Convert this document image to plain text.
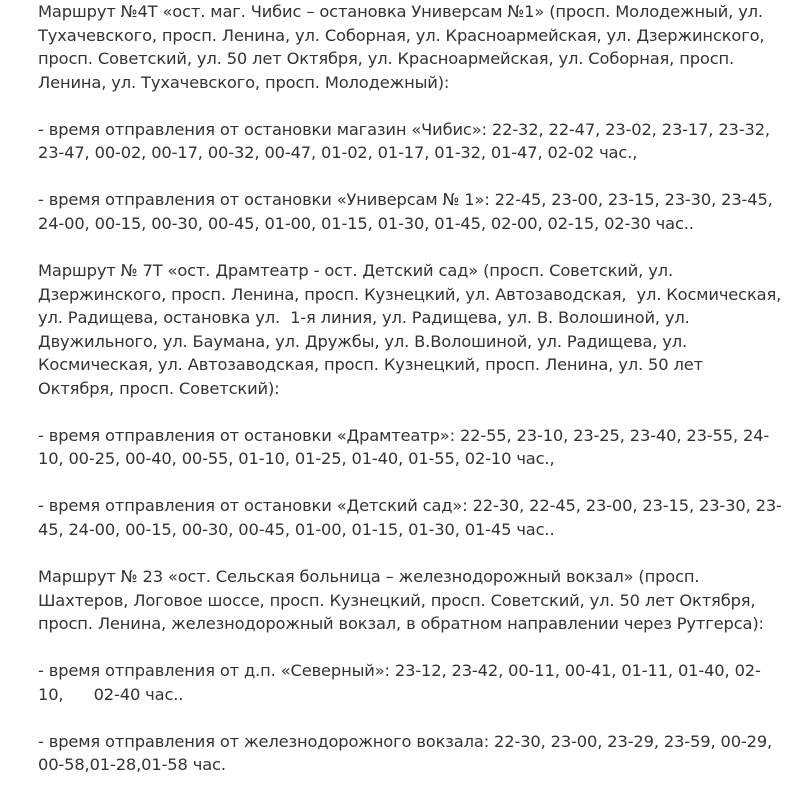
Маршрут №4Т «ост. маг. Чибис – остановка Универсам №1» (просп. Молодежный, ул. Тухачевского, просп. Ленина, ул. Соборная, ул. Красноармейская, ул. Дзержинского, просп. Советский, ул. 50 лет Октября, ул. Красноармейская, ул. Соборная, просп. Ленина, ул. Тухачевского, просп. Молодежный):

- время отправления от остановки магазин «Чибис»: 22-32, 22-47, 23-02, 23-17, 23-32, 23-47, 00-02, 00-17, 00-32, 00-47, 01-02, 01-17, 01-32, 01-47, 02-02 час.,

- время отправления от остановки «Универсам № 1»: 22-45, 23-00, 23-15, 23-30, 23-45,   24-00, 00-15, 00-30, 00-45, 01-00, 01-15, 01-30, 01-45, 02-00, 02-15, 02-30 час..

Маршрут № 7Т «ост. Драмтеатр - ост. Детский сад» (просп. Советский, ул. Дзержинского, просп. Ленина, просп. Кузнецкий, ул. Автозаводская,  ул. Космическая, ул. Радищева, остановка ул.  1-я линия, ул. Радищева, ул. В. Волошиной, ул. Двужильного, ул. Баумана, ул. Дружбы, ул. В.Волошиной, ул. Радищева, ул. Космическая, ул. Автозаводская, просп. Кузнецкий, просп. Ленина, ул. 50 лет Октября, просп. Советский):

- время отправления от остановки «Драмтеатр»: 22-55, 23-10, 23-25, 23-40, 23-55, 24-10, 00-25, 00-40, 00-55, 01-10, 01-25, 01-40, 01-55, 02-10 час.,

- время отправления от остановки «Детский сад»: 22-30, 22-45, 23-00, 23-15, 23-30, 23-45, 24-00, 00-15, 00-30, 00-45, 01-00, 01-15, 01-30, 01-45 час..

Маршрут № 23 «ост. Сельская больница – железнодорожный вокзал» (просп. Шахтеров, Логовое шоссе, просп. Кузнецкий, просп. Советский, ул. 50 лет Октября, просп. Ленина, железнодорожный вокзал, в обратном направлении через Рутгерса):

- время отправления от д.п. «Северный»: 23-12, 23-42, 00-11, 00-41, 01-11, 01-40, 02-10,      02-40 час..

- время отправления от железнодорожного вокзала: 22-30, 23-00, 23-29, 23-59, 00-29, 00-58,01-28,01-58 час.
